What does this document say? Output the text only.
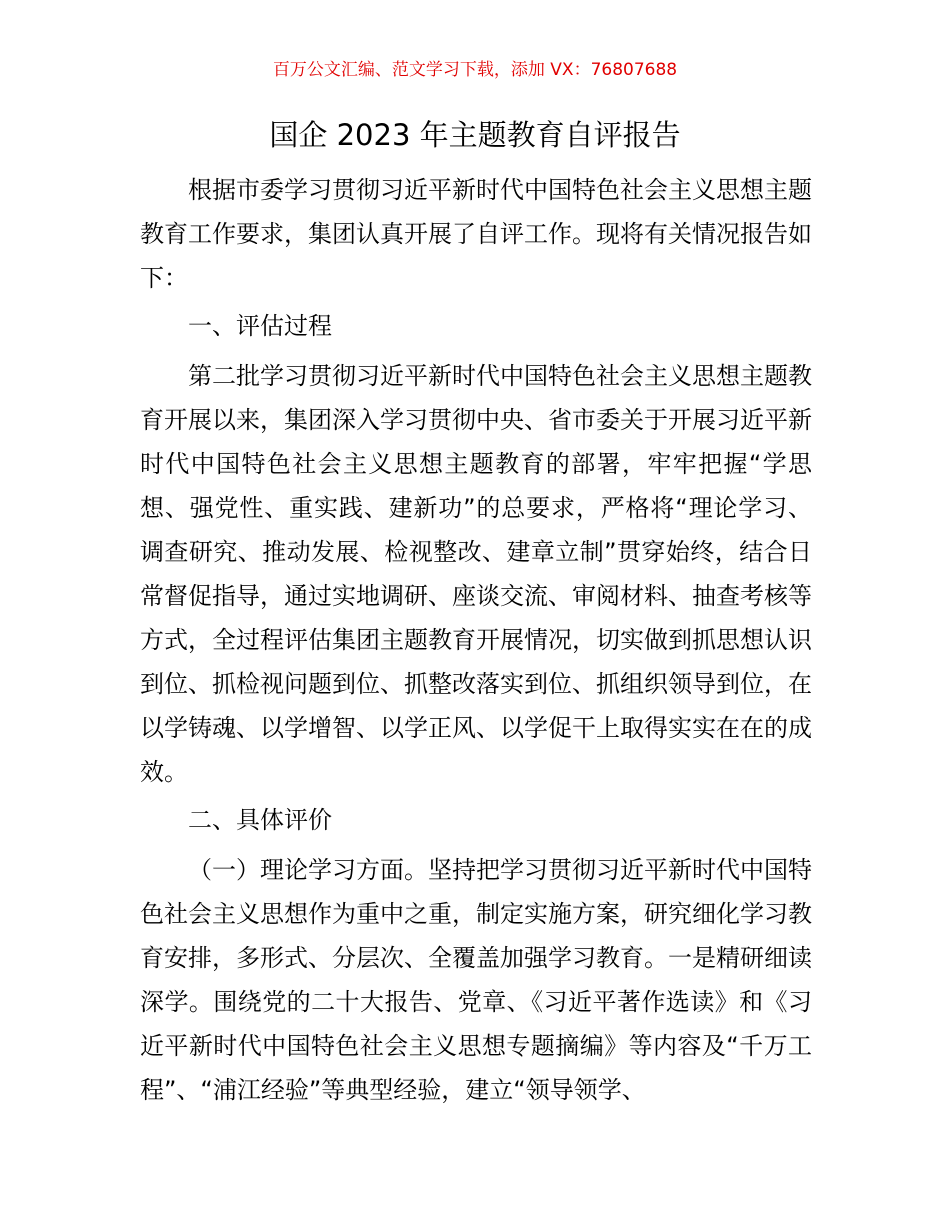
百万公文汇编、范文学习下载，添加 VX：76807688
国企 2023 年主题教育自评报告

根据市委学习贯彻习近平新时代中国特色社会主义思想主题教育工作要求，集团认真开展了自评工作。现将有关情况报告如下：

一、评估过程

第二批学习贯彻习近平新时代中国特色社会主义思想主题教育开展以来，集团深入学习贯彻中央、省市委关于开展习近平新时代中国特色社会主义思想主题教育的部署，牢牢把握“学思想、强党性、重实践、建新功”的总要求，严格将“理论学习、调查研究、推动发展、检视整改、建章立制”贯穿始终，结合日常督促指导，通过实地调研、座谈交流、审阅材料、抽查考核等方式，全过程评估集团主题教育开展情况，切实做到抓思想认识到位、抓检视问题到位、抓整改落实到位、抓组织领导到位，在以学铸魂、以学增智、以学正风、以学促干上取得实实在在的成效。

二、具体评价

（一）理论学习方面。坚持把学习贯彻习近平新时代中国特色社会主义思想作为重中之重，制定实施方案，研究细化学习教育安排，多形式、分层次、全覆盖加强学习教育。一是精研细读深学。围绕党的二十大报告、党章、《习近平著作选读》和《习近平新时代中国特色社会主义思想专题摘编》等内容及“千万工程”、“浦江经验”等典型经验，建立“领导领学、
